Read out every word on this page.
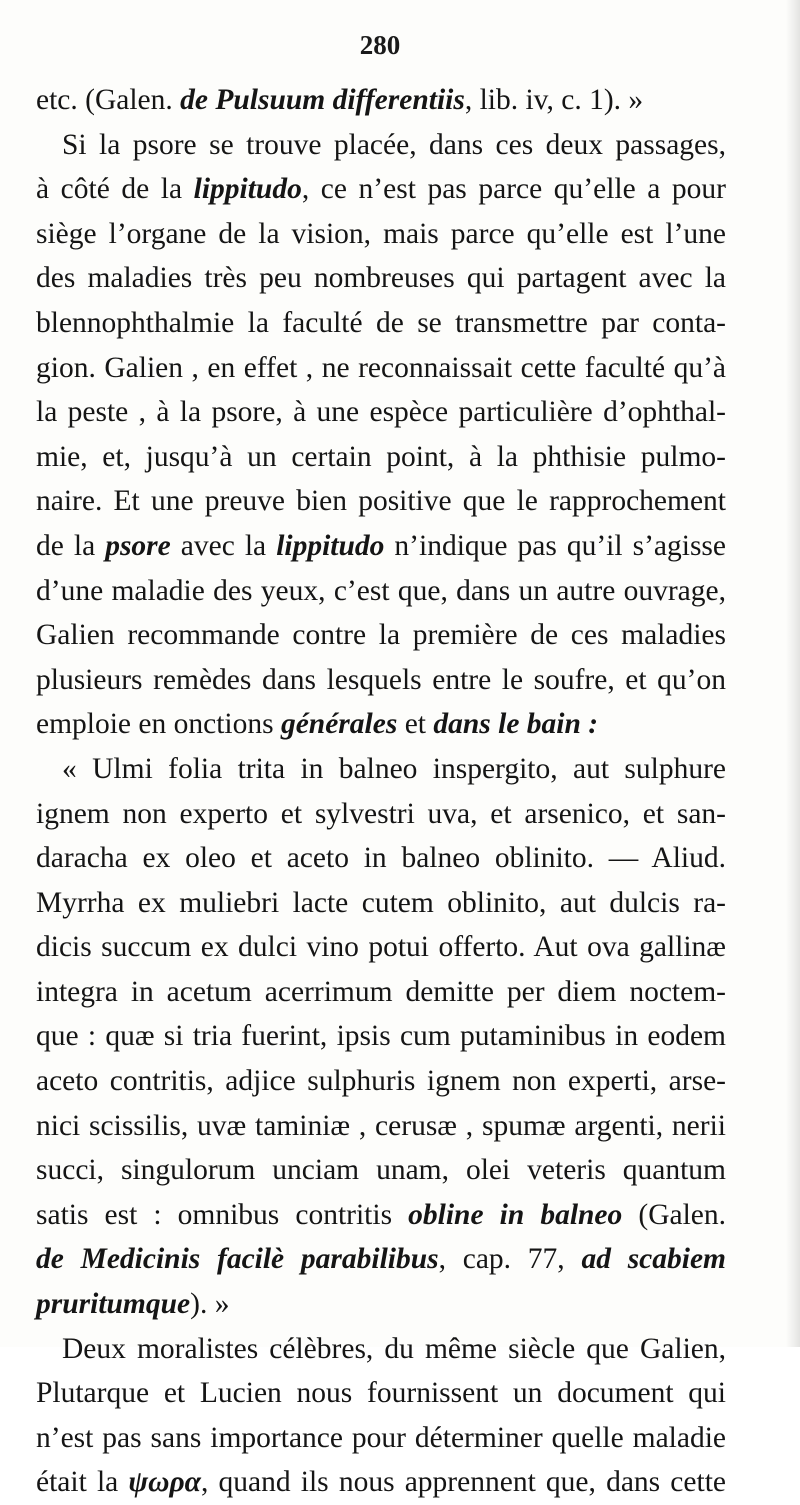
280
etc. (Galen. de Pulsuum differentiis, lib. iv, c. 1). »
Si la psore se trouve placée, dans ces deux passages,
à côté de la lippitudo, ce n’est pas parce qu’elle a pour
siège l’organe de la vision, mais parce qu’elle est l’une
des maladies très peu nombreuses qui partagent avec la
blennophthalmie la faculté de se transmettre par conta-
gion. Galien , en effet , ne reconnaissait cette faculté qu’à
la peste , à la psore, à une espèce particulière d’ophthal-
mie, et, jusqu’à un certain point, à la phthisie pulmo-
naire. Et une preuve bien positive que le rapprochement
de la psore avec la lippitudo n’indique pas qu’il s’agisse
d’une maladie des yeux, c’est que, dans un autre ouvrage,
Galien recommande contre la première de ces maladies
plusieurs remèdes dans lesquels entre le soufre, et qu’on
emploie en onctions générales et dans le bain :
« Ulmi folia trita in balneo inspergito, aut sulphure
ignem non experto et sylvestri uva, et arsenico, et san-
daracha ex oleo et aceto in balneo oblinito. — Aliud.
Myrrha ex muliebri lacte cutem oblinito, aut dulcis ra-
dicis succum ex dulci vino potui offerto. Aut ova gallinæ
integra in acetum acerrimum demitte per diem noctem-
que : quæ si tria fuerint, ipsis cum putaminibus in eodem
aceto contritis, adjice sulphuris ignem non experti, arse-
nici scissilis, uvæ taminiæ , cerusæ , spumæ argenti, nerii
succi, singulorum unciam unam, olei veteris quantum
satis est : omnibus contritis obline in balneo (Galen.
de Medicinis facilè parabilibus, cap. 77, ad scabiem
pruritumque). »
Deux moralistes célèbres, du même siècle que Galien,
Plutarque et Lucien nous fournissent un document qui
n’est pas sans importance pour déterminer quelle maladie
était la ψωρα, quand ils nous apprennent que, dans cette
